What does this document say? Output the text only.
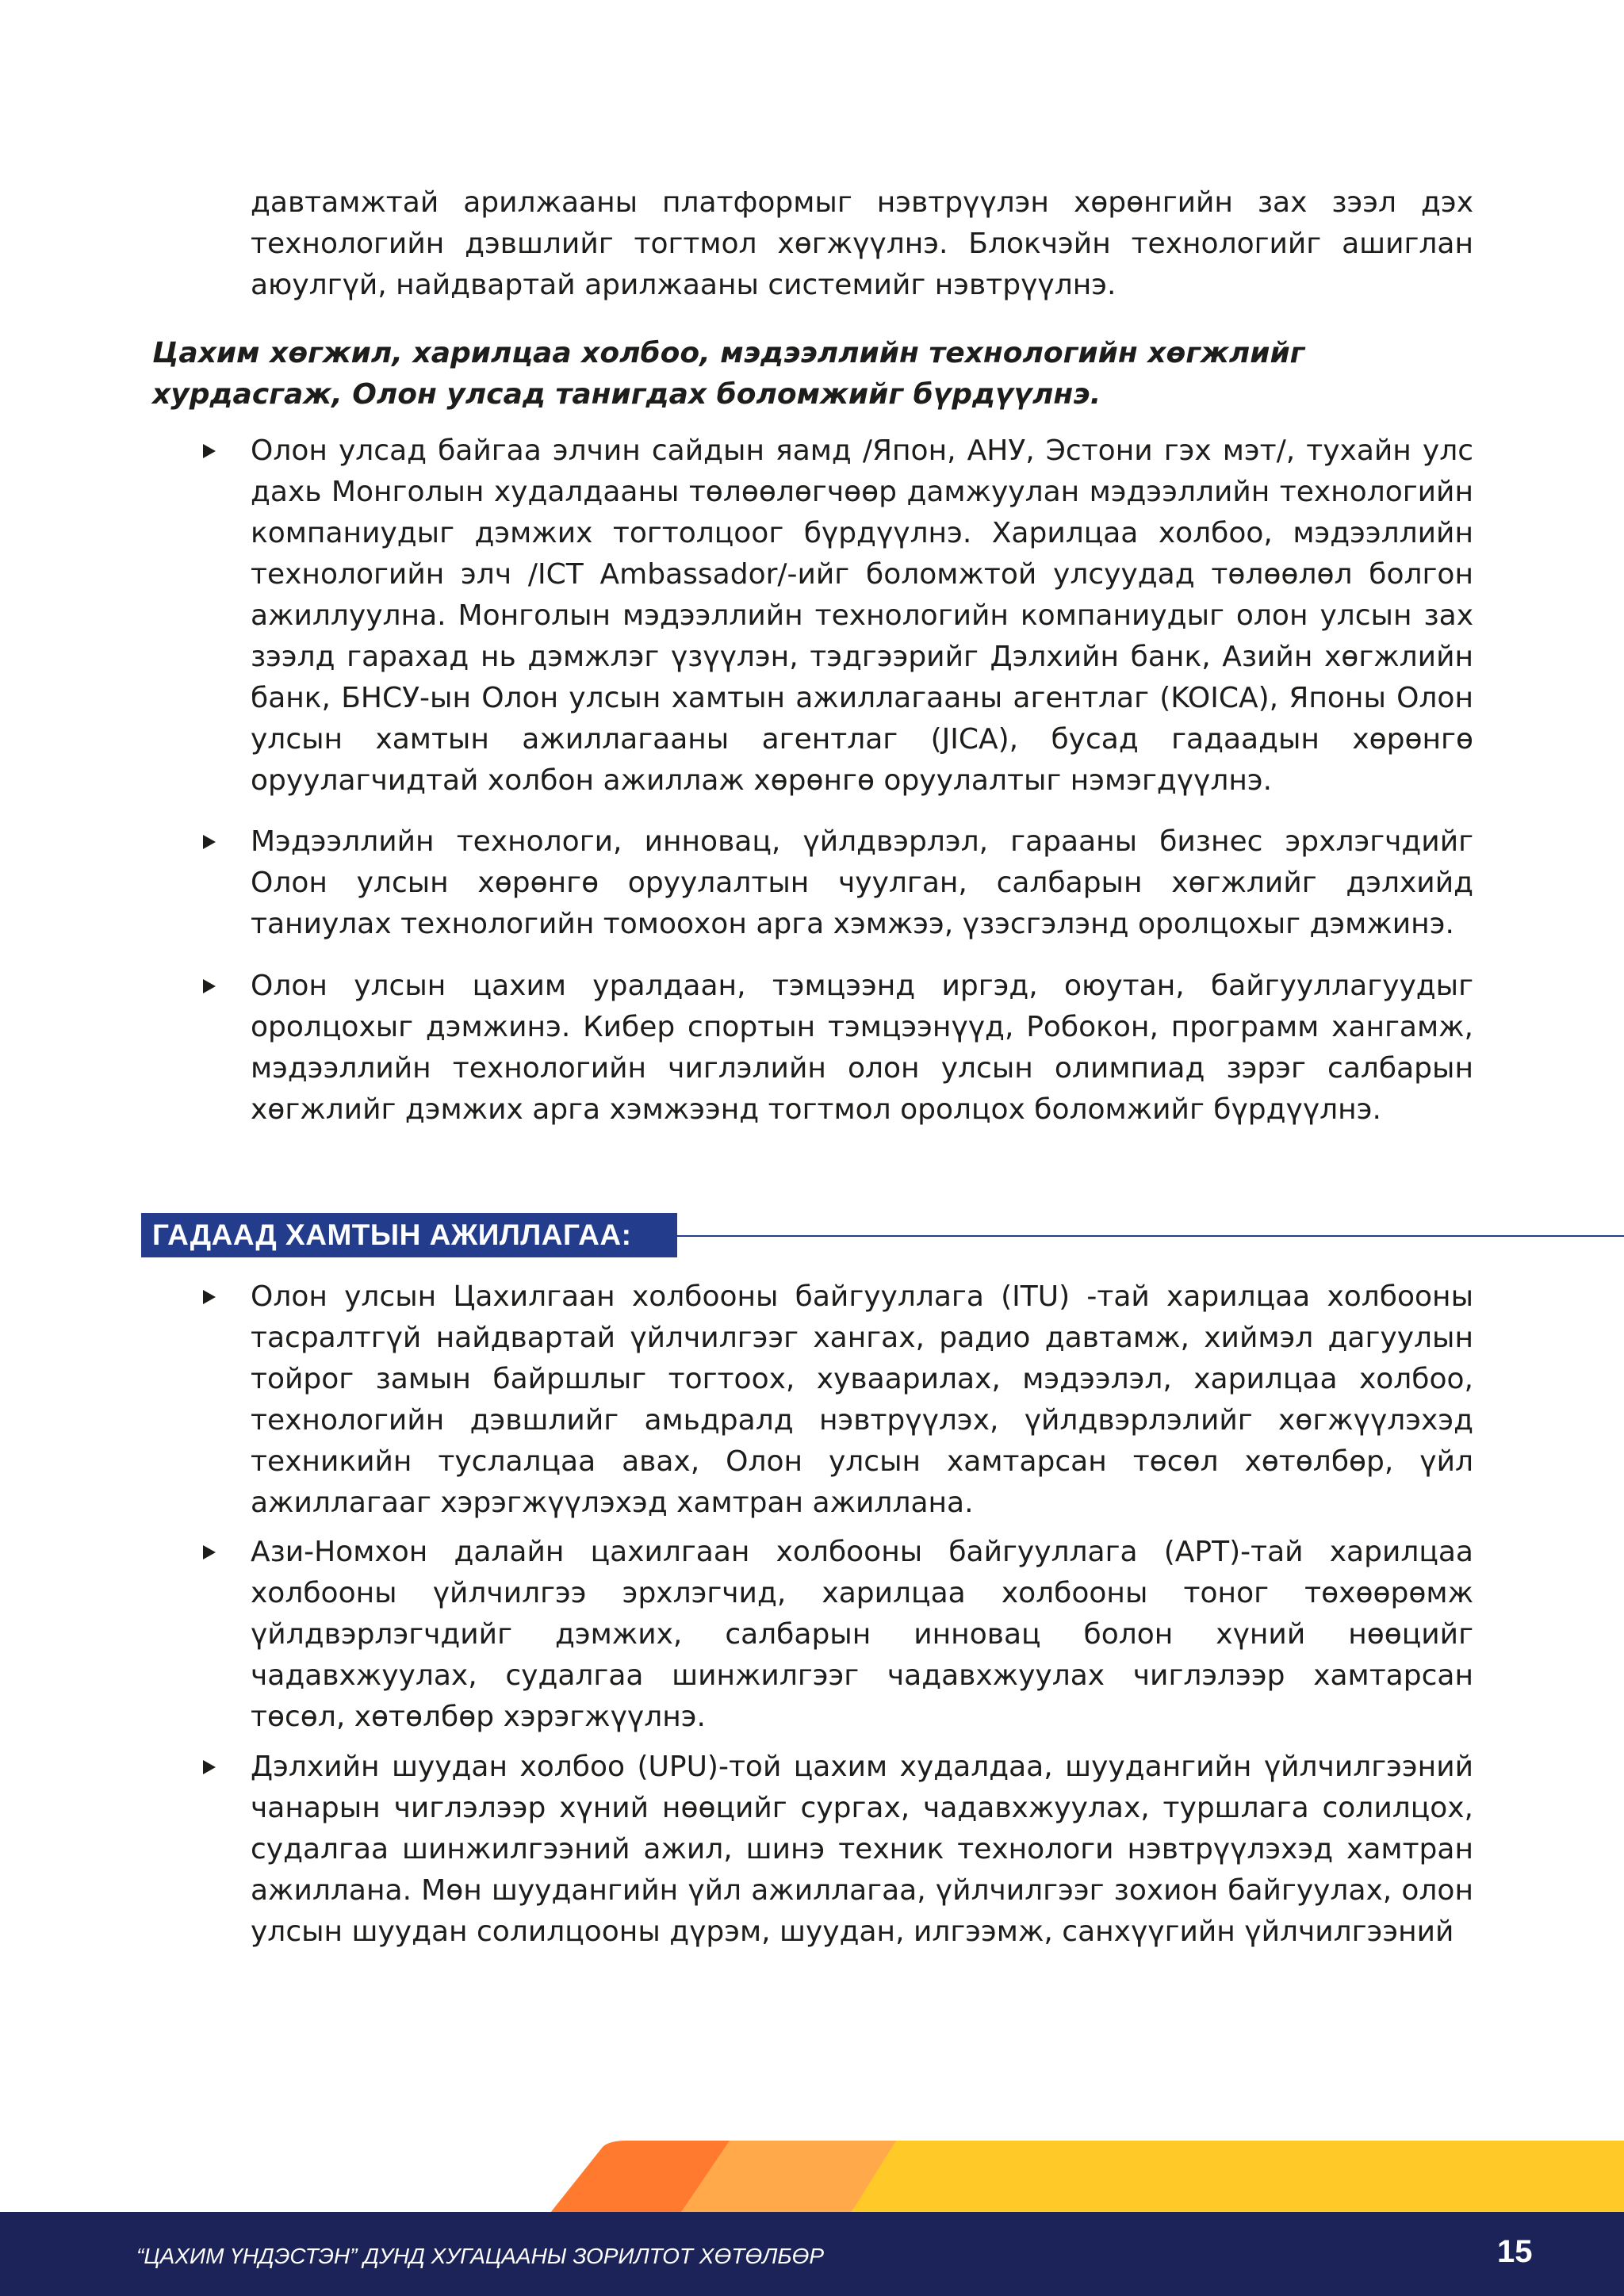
давтамжтай арилжааны платформыг нэвтрүүлэн хөрөнгийн зах зээл дэх технологийн дэвшлийг тогтмол хөгжүүлнэ. Блокчэйн технологийг ашиглан аюулгүй, найдвартай арилжааны системийг нэвтрүүлнэ.

Цахим хөгжил, харилцаа холбоо, мэдээллийн технологийн хөгжлийг хурдасгаж, Олон улсад танигдах боломжийг бүрдүүлнэ.

Олон улсад байгаа элчин сайдын яамд /Япон, АНУ, Эстони гэх мэт/, тухайн улс дахь Монголын худалдааны төлөөлөгчөөр дамжуулан мэдээллийн технологийн компаниудыг дэмжих тогтолцоог бүрдүүлнэ. Харилцаа холбоо, мэдээллийн технологийн элч /ICT Ambassador/-ийг боломжтой улсуудад төлөөлөл болгон ажиллуулна. Монголын мэдээллийн технологийн компаниудыг олон улсын зах зээлд гарахад нь дэмжлэг үзүүлэн, тэдгээрийг Дэлхийн банк, Азийн хөгжлийн банк, БНСУ-ын Олон улсын хамтын ажиллагааны агентлаг (KOICA), Японы Олон улсын хамтын ажиллагааны агентлаг (JICA), бусад гадаадын хөрөнгө оруулагчидтай холбон ажиллаж хөрөнгө оруулалтыг нэмэгдүүлнэ.

Мэдээллийн технологи, инновац, үйлдвэрлэл, гарааны бизнес эрхлэгчдийг Олон улсын хөрөнгө оруулалтын чуулган, салбарын хөгжлийг дэлхийд таниулах технологийн томоохон арга хэмжээ, үзэсгэлэнд оролцохыг дэмжинэ.

Олон улсын цахим уралдаан, тэмцээнд иргэд, оюутан, байгууллагуудыг оролцохыг дэмжинэ. Кибер спортын тэмцээнүүд, Робокон, программ хангамж, мэдээллийн технологийн чиглэлийн олон улсын олимпиад зэрэг салбарын хөгжлийг дэмжих арга хэмжээнд тогтмол оролцох боломжийг бүрдүүлнэ.

ГАДААД ХАМТЫН АЖИЛЛАГАА:

Олон улсын Цахилгаан холбооны байгууллага (ITU) -тай харилцаа холбооны тасралтгүй найдвартай үйлчилгээг хангах, радио давтамж, хиймэл дагуулын тойрог замын байршлыг тогтоох, хуваарилах, мэдээлэл, харилцаа холбоо, технологийн дэвшлийг амьдралд нэвтрүүлэх, үйлдвэрлэлийг хөгжүүлэхэд техникийн туслалцаа авах, Олон улсын хамтарсан төсөл хөтөлбөр, үйл ажиллагааг хэрэгжүүлэхэд хамтран ажиллана.

Ази-Номхон далайн цахилгаан холбооны байгууллага (APT)-тай харилцаа холбооны үйлчилгээ эрхлэгчид, харилцаа холбооны тоног төхөөрөмж үйлдвэрлэгчдийг дэмжих, салбарын инновац болон хүний нөөцийг чадавхжуулах, судалгаа шинжилгээг чадавхжуулах чиглэлээр хамтарсан төсөл, хөтөлбөр хэрэгжүүлнэ.

Дэлхийн шуудан холбоо (UPU)-той цахим худалдаа, шуудангийн үйлчилгээний чанарын чиглэлээр хүний нөөцийг сургах, чадавхжуулах, туршлага солилцох, судалгаа шинжилгээний ажил, шинэ техник технологи нэвтрүүлэхэд хамтран ажиллана. Мөн шуудангийн үйл ажиллагаа, үйлчилгээг зохион байгуулах, олон улсын шуудан солилцооны дүрэм, шуудан, илгээмж, санхүүгийн үйлчилгээний

“ЦАХИМ ҮНДЭСТЭН” ДУНД ХУГАЦААНЫ ЗОРИЛТОТ ХӨТӨЛБӨР	15
